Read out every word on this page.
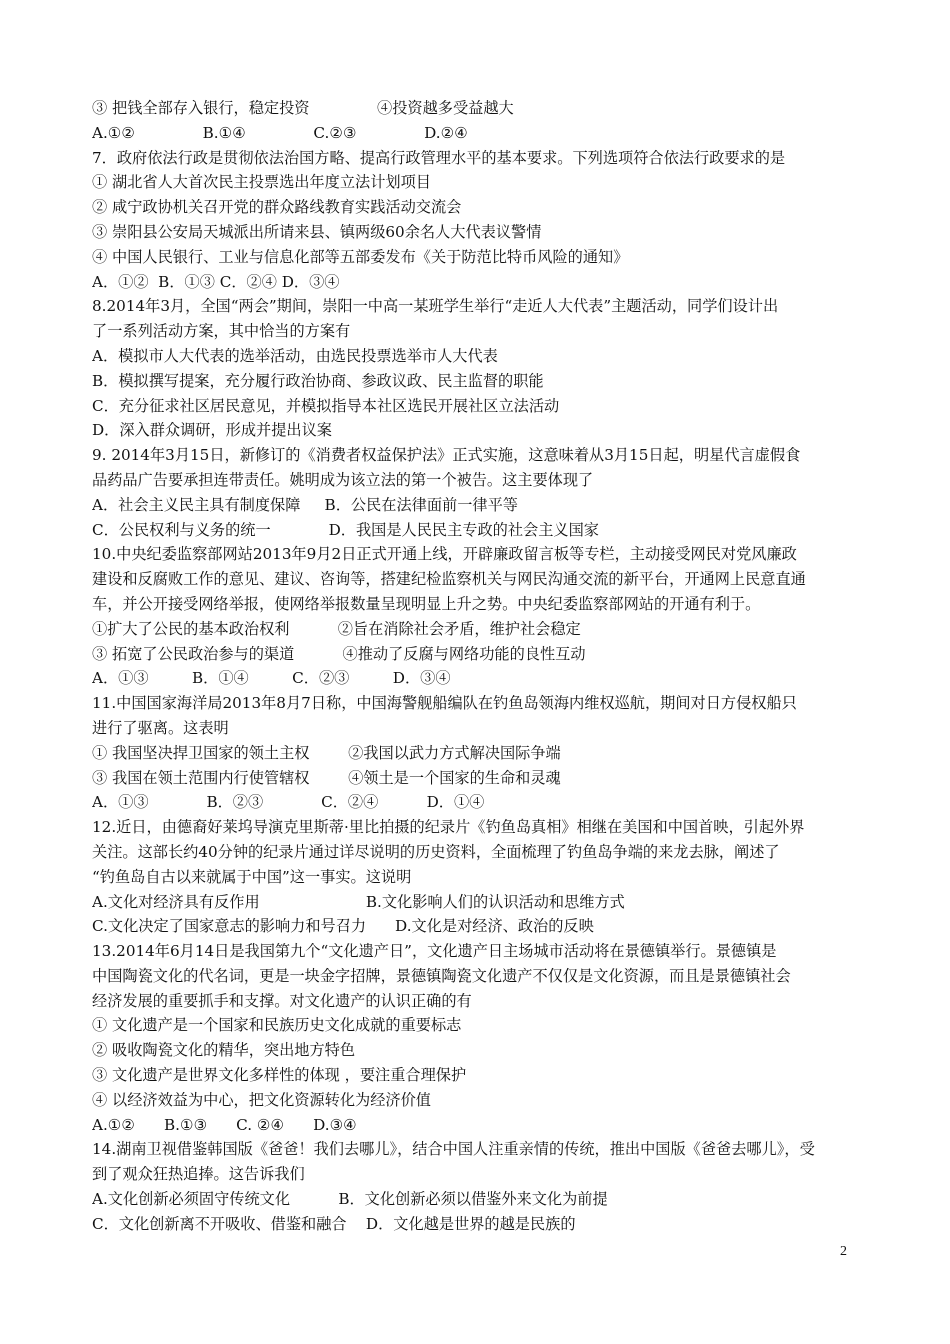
③ 把钱全部存入银行，稳定投资              ④投资越多受益越大
A.①②              B.①④              C.②③              D.②④
7．政府依法行政是贯彻依法治国方略、提高行政管理水平的基本要求。下列选项符合依法行政要求的是
① 湖北省人大首次民主投票选出年度立法计划项目
② 咸宁政协机关召开党的群众路线教育实践活动交流会
③ 崇阳县公安局天城派出所请来县、镇两级60余名人大代表议警情
④ 中国人民银行、工业与信息化部等五部委发布《关于防范比特币风险的通知》
A．①②  B．①③ C．②④ D．③④
8.2014年3月，全国“两会”期间，崇阳一中高一某班学生举行“走近人大代表”主题活动，同学们设计出
了一系列活动方案，其中恰当的方案有
A．模拟市人大代表的选举活动，由选民投票选举市人大代表
B．模拟撰写提案，充分履行政治协商、参政议政、民主监督的职能
C．充分征求社区居民意见，并模拟指导本社区选民开展社区立法活动
D．深入群众调研，形成并提出议案
9. 2014年3月15日，新修订的《消费者权益保护法》正式实施，这意味着从3月15日起，明星代言虚假食
品药品广告要承担连带责任。姚明成为该立法的第一个被告。这主要体现了
A．社会主义民主具有制度保障     B．公民在法律面前一律平等
C．公民权利与义务的统一            D．我国是人民民主专政的社会主义国家
10.中央纪委监察部网站2013年9月2日正式开通上线，开辟廉政留言板等专栏，主动接受网民对党风廉政
建设和反腐败工作的意见、建议、咨询等，搭建纪检监察机关与网民沟通交流的新平台，开通网上民意直通
车，并公开接受网络举报，使网络举报数量呈现明显上升之势。中央纪委监察部网站的开通有利于。
①扩大了公民的基本政治权利          ②旨在消除社会矛盾，维护社会稳定
③ 拓宽了公民政治参与的渠道          ④推动了反腐与网络功能的良性互动
A．①③         B．①④         C．②③         D．③④
11.中国国家海洋局2013年8月7日称，中国海警舰船编队在钓鱼岛领海内维权巡航，期间对日方侵权船只
进行了驱离。这表明
① 我国坚决捍卫国家的领土主权        ②我国以武力方式解决国际争端
③ 我国在领土范围内行使管辖权        ④领土是一个国家的生命和灵魂
A．①③            B．②③            C．②④          D．①④
12.近日，由德裔好莱坞导演克里斯蒂·里比拍摄的纪录片《钓鱼岛真相》相继在美国和中国首映，引起外界
关注。这部长约40分钟的纪录片通过详尽说明的历史资料，全面梳理了钓鱼岛争端的来龙去脉，阐述了
“钓鱼岛自古以来就属于中国”这一事实。这说明
A.文化对经济具有反作用                      B.文化影响人们的认识活动和思维方式
C.文化决定了国家意志的影响力和号召力      D.文化是对经济、政治的反映
13.2014年6月14日是我国第九个“文化遗产日”，文化遗产日主场城市活动将在景德镇举行。景德镇是
中国陶瓷文化的代名词，更是一块金字招牌，景德镇陶瓷文化遗产不仅仅是文化资源，而且是景德镇社会
经济发展的重要抓手和支撑。对文化遗产的认识正确的有
① 文化遗产是一个国家和民族历史文化成就的重要标志
② 吸收陶瓷文化的精华，突出地方特色
③ 文化遗产是世界文化多样性的体现 ，要注重合理保护
④ 以经济效益为中心，把文化资源转化为经济价值
A.①②      B.①③      C. ②④      D.③④
14.湖南卫视借鉴韩国版《爸爸！我们去哪儿》，结合中国人注重亲情的传统，推出中国版《爸爸去哪儿》，受
到了观众狂热追捧。这告诉我们
A.文化创新必须固守传统文化          B．文化创新必须以借鉴外来文化为前提
C．文化创新离不开吸收、借鉴和融合    D．文化越是世界的越是民族的
2
